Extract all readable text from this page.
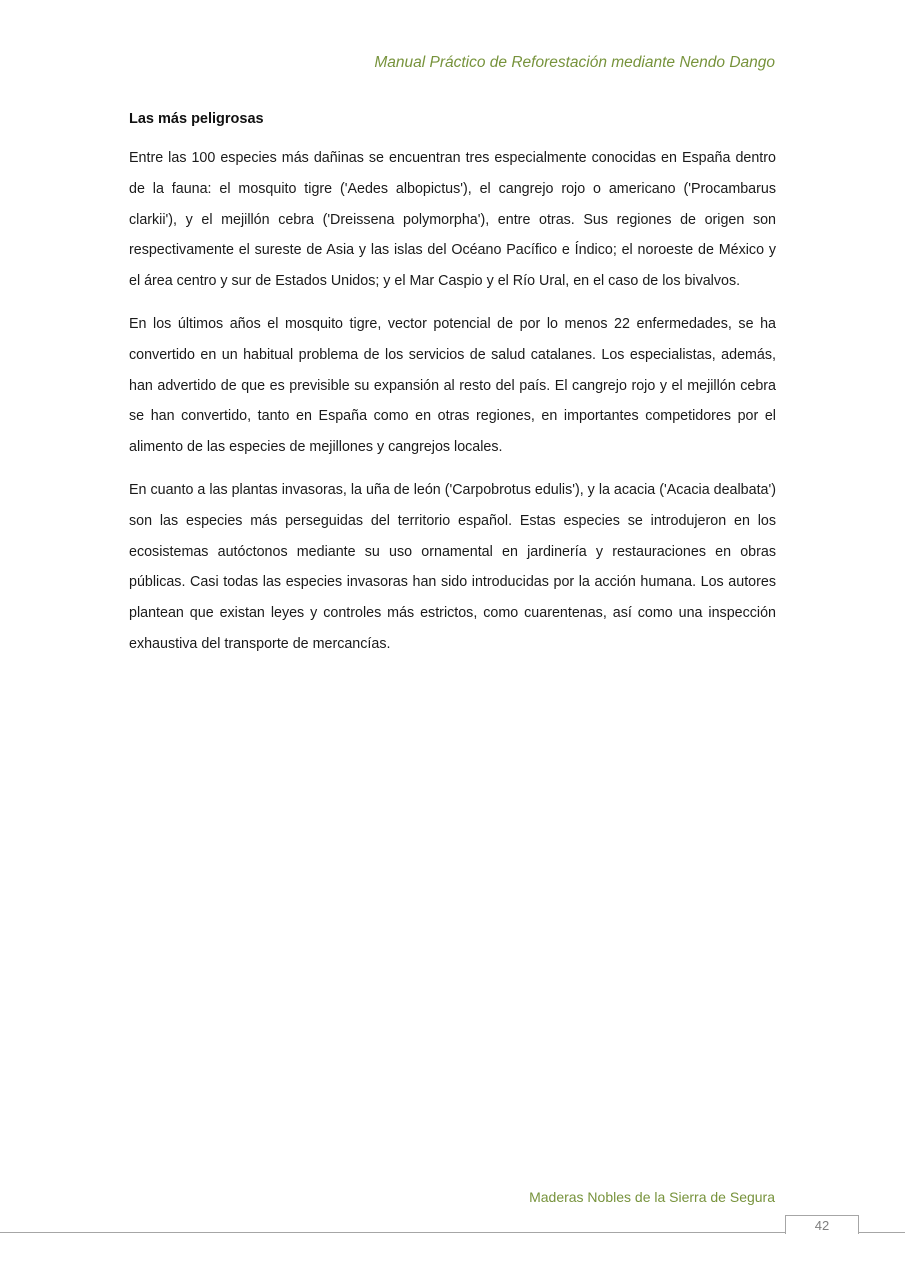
Manual Práctico de Reforestación mediante Nendo Dango
Las más peligrosas

Entre las 100 especies más dañinas se encuentran tres especialmente conocidas en España dentro de la fauna: el mosquito tigre ('Aedes albopictus'), el cangrejo rojo o americano ('Procambarus clarkii'), y el mejillón cebra ('Dreissena polymorpha'), entre otras. Sus regiones de origen son respectivamente el sureste de Asia y las islas del Océano Pacífico e Índico; el noroeste de México y el área centro y sur de Estados Unidos; y el Mar Caspio y el Río Ural, en el caso de los bivalvos.

En los últimos años el mosquito tigre, vector potencial de por lo menos 22 enfermedades, se ha convertido en un habitual problema de los servicios de salud catalanes. Los especialistas, además, han advertido de que es previsible su expansión al resto del país. El cangrejo rojo y el mejillón cebra se han convertido, tanto en España como en otras regiones, en importantes competidores por el alimento de las especies de mejillones y cangrejos locales.

En cuanto a las plantas invasoras, la uña de león ('Carpobrotus edulis'), y la acacia ('Acacia dealbata') son las especies más perseguidas del territorio español. Estas especies se introdujeron en los ecosistemas autóctonos mediante su uso ornamental en jardinería y restauraciones en obras públicas. Casi todas las especies invasoras han sido introducidas por la acción humana. Los autores plantean que existan leyes y controles más estrictos, como cuarentenas, así como una inspección exhaustiva del transporte de mercancías.

Maderas Nobles de la Sierra de Segura
42
